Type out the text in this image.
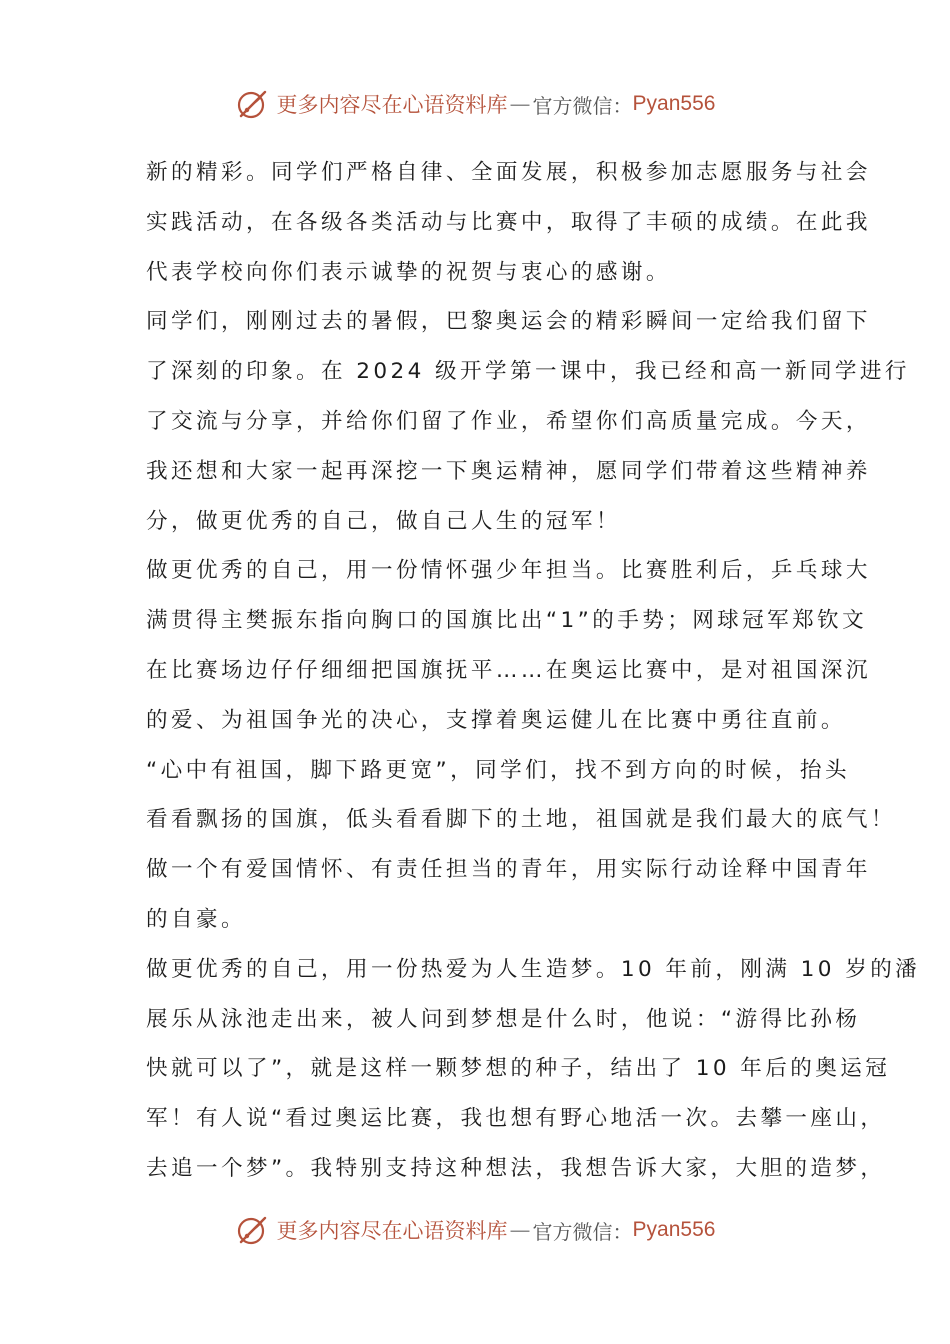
更多内容尽在心语资料库 — 官方微信： Pyan556
新的精彩。同学们严格自律、全面发展，积极参加志愿服务与社会
实践活动，在各级各类活动与比赛中，取得了丰硕的成绩。在此我
代表学校向你们表示诚挚的祝贺与衷心的感谢。
同学们，刚刚过去的暑假，巴黎奥运会的精彩瞬间一定给我们留下
了深刻的印象。在 2024 级开学第一课中，我已经和高一新同学进行
了交流与分享，并给你们留了作业，希望你们高质量完成。今天，
我还想和大家一起再深挖一下奥运精神，愿同学们带着这些精神养
分，做更优秀的自己，做自己人生的冠军！
做更优秀的自己，用一份情怀强少年担当。比赛胜利后，乒乓球大
满贯得主樊振东指向胸口的国旗比出“1”的手势；网球冠军郑钦文
在比赛场边仔仔细细把国旗抚平……在奥运比赛中，是对祖国深沉
的爱、为祖国争光的决心，支撑着奥运健儿在比赛中勇往直前。
“心中有祖国，脚下路更宽”，同学们，找不到方向的时候，抬头
看看飘扬的国旗，低头看看脚下的土地，祖国就是我们最大的底气！
做一个有爱国情怀、有责任担当的青年，用实际行动诠释中国青年
的自豪。
做更优秀的自己，用一份热爱为人生造梦。10 年前，刚满 10 岁的潘
展乐从泳池走出来，被人问到梦想是什么时，他说：“游得比孙杨
快就可以了”，就是这样一颗梦想的种子，结出了 10 年后的奥运冠
军！有人说“看过奥运比赛，我也想有野心地活一次。去攀一座山，
去追一个梦”。我特别支持这种想法，我想告诉大家，大胆的造梦，
更多内容尽在心语资料库 — 官方微信： Pyan556
